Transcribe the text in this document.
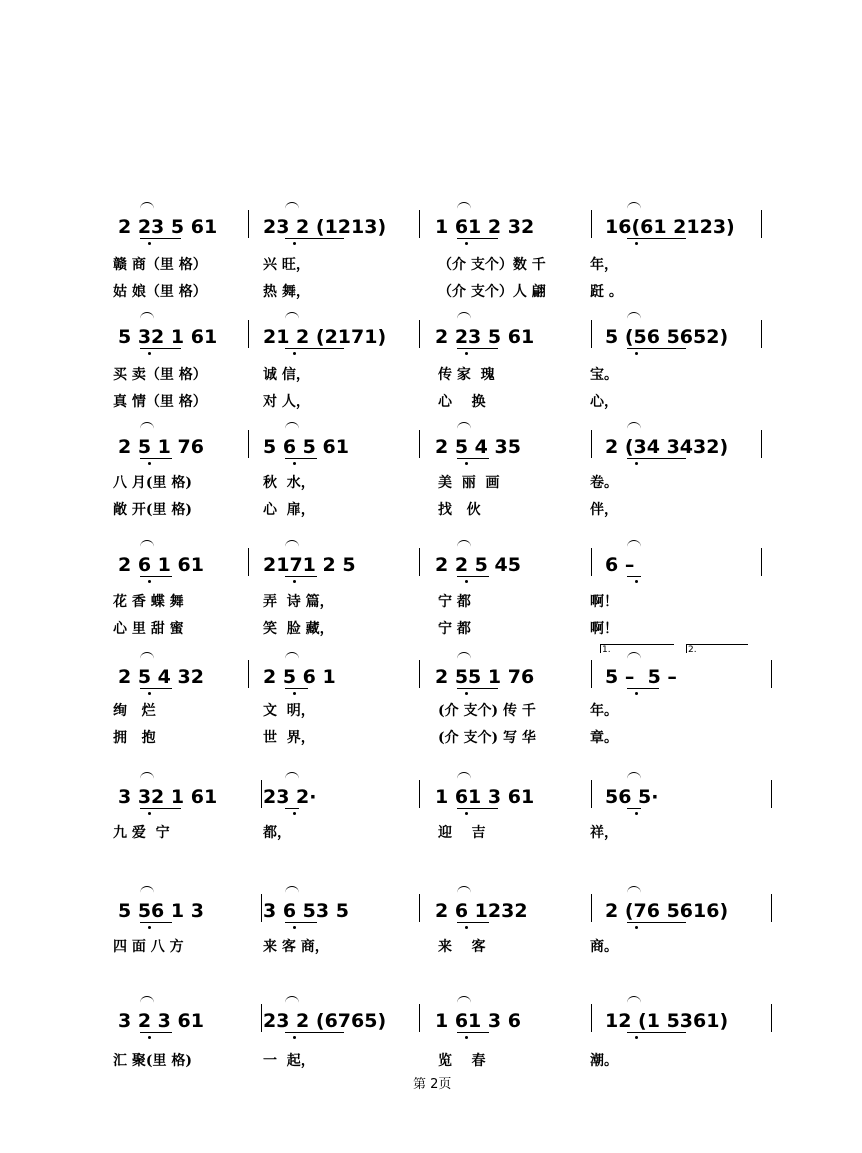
2 23 5 61 23 2 (1213)	1 61 2 32	16(61 2123)
赣 商（里 格）	兴 旺，	（介 支个）数 千	年，
姑 娘（里 格）	热 舞，	（介 支个）人 翩	跹 。
5 32 1 61 21 2 (2171)	2 23 5 61	5 (56 5652)
买 卖（里 格）	诚 信，	传 家  瑰	宝。
真 情（里 格）	对 人，	心    换	心，
2 5 1 76	5 6 5 61	2 5 4 35	2 (34 3432)
八 月(里 格)	秋  水，	美  丽  画	卷。
敞 开(里 格)	心  扉，	找   伙	伴，
2 6 1 61	2171 2 5	2 2 5 45	6 –
花 香 蝶 舞	弄  诗 篇，	宁 都	啊！
心 里 甜 蜜	笑  脸 藏，	宁 都	啊！
2 5 4 32	2 5 6 1	2 55 1 76	5 –  5 –
1.	2.
绚   烂	文  明，	(介 支个) 传 千	年。
拥   抱	世  界，	(介 支个) 写 华	章。
3 32 1 61 23 2·	1 61 3 61	56 5·
九 爱  宁	都，	迎    吉	祥，
5 56 1 3	3 6 53 5	2 6 1232	2 (76 5616)
四 面 八 方	来 客 商，	来    客	商。
3 2 3 61	23 2 (6765)	1 61 3 6	12 (1 5361)
汇 聚(里 格)	一  起，	览    春	潮。
第 2页
